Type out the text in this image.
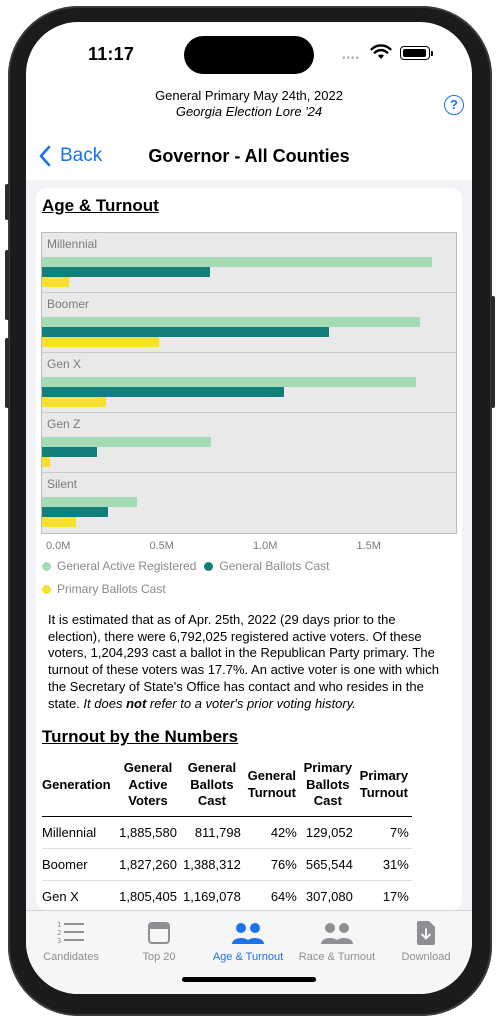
11:17	••••
General Primary May 24th, 2022
Georgia Election Lore '24	?
Back	Governor - All Counties
Age & Turnout
Millennial
Boomer
Gen X
Gen Z
Silent
0.0M	0.5M	1.0M	1.5M
General Active Registered General Ballots Cast
Primary Ballots Cast
It is estimated that as of Apr. 25th, 2022 (29 days prior to the election), there were 6,792,025 registered active voters. Of these voters, 1,204,293 cast a ballot in the Republican Party primary. The turnout of these voters was 17.7%. An active voter is one with which the Secretary of State's Office has contact and who resides in the state. It does not refer to a voter's prior voting history.
Turnout by the Numbers
Generation	General Active Voters	General Ballots Cast	General Turnout	Primary Ballots Cast	Primary Turnout
Millennial	1,885,580	811,798	42%	129,052	7%
Boomer	1,827,260	1,388,312	76%	565,544	31%
Gen X	1,805,405	1,169,078	64%	307,080	17%
1
2
3
Candidates	Top 20	Age & Turnout	Race & Turnout	Download
